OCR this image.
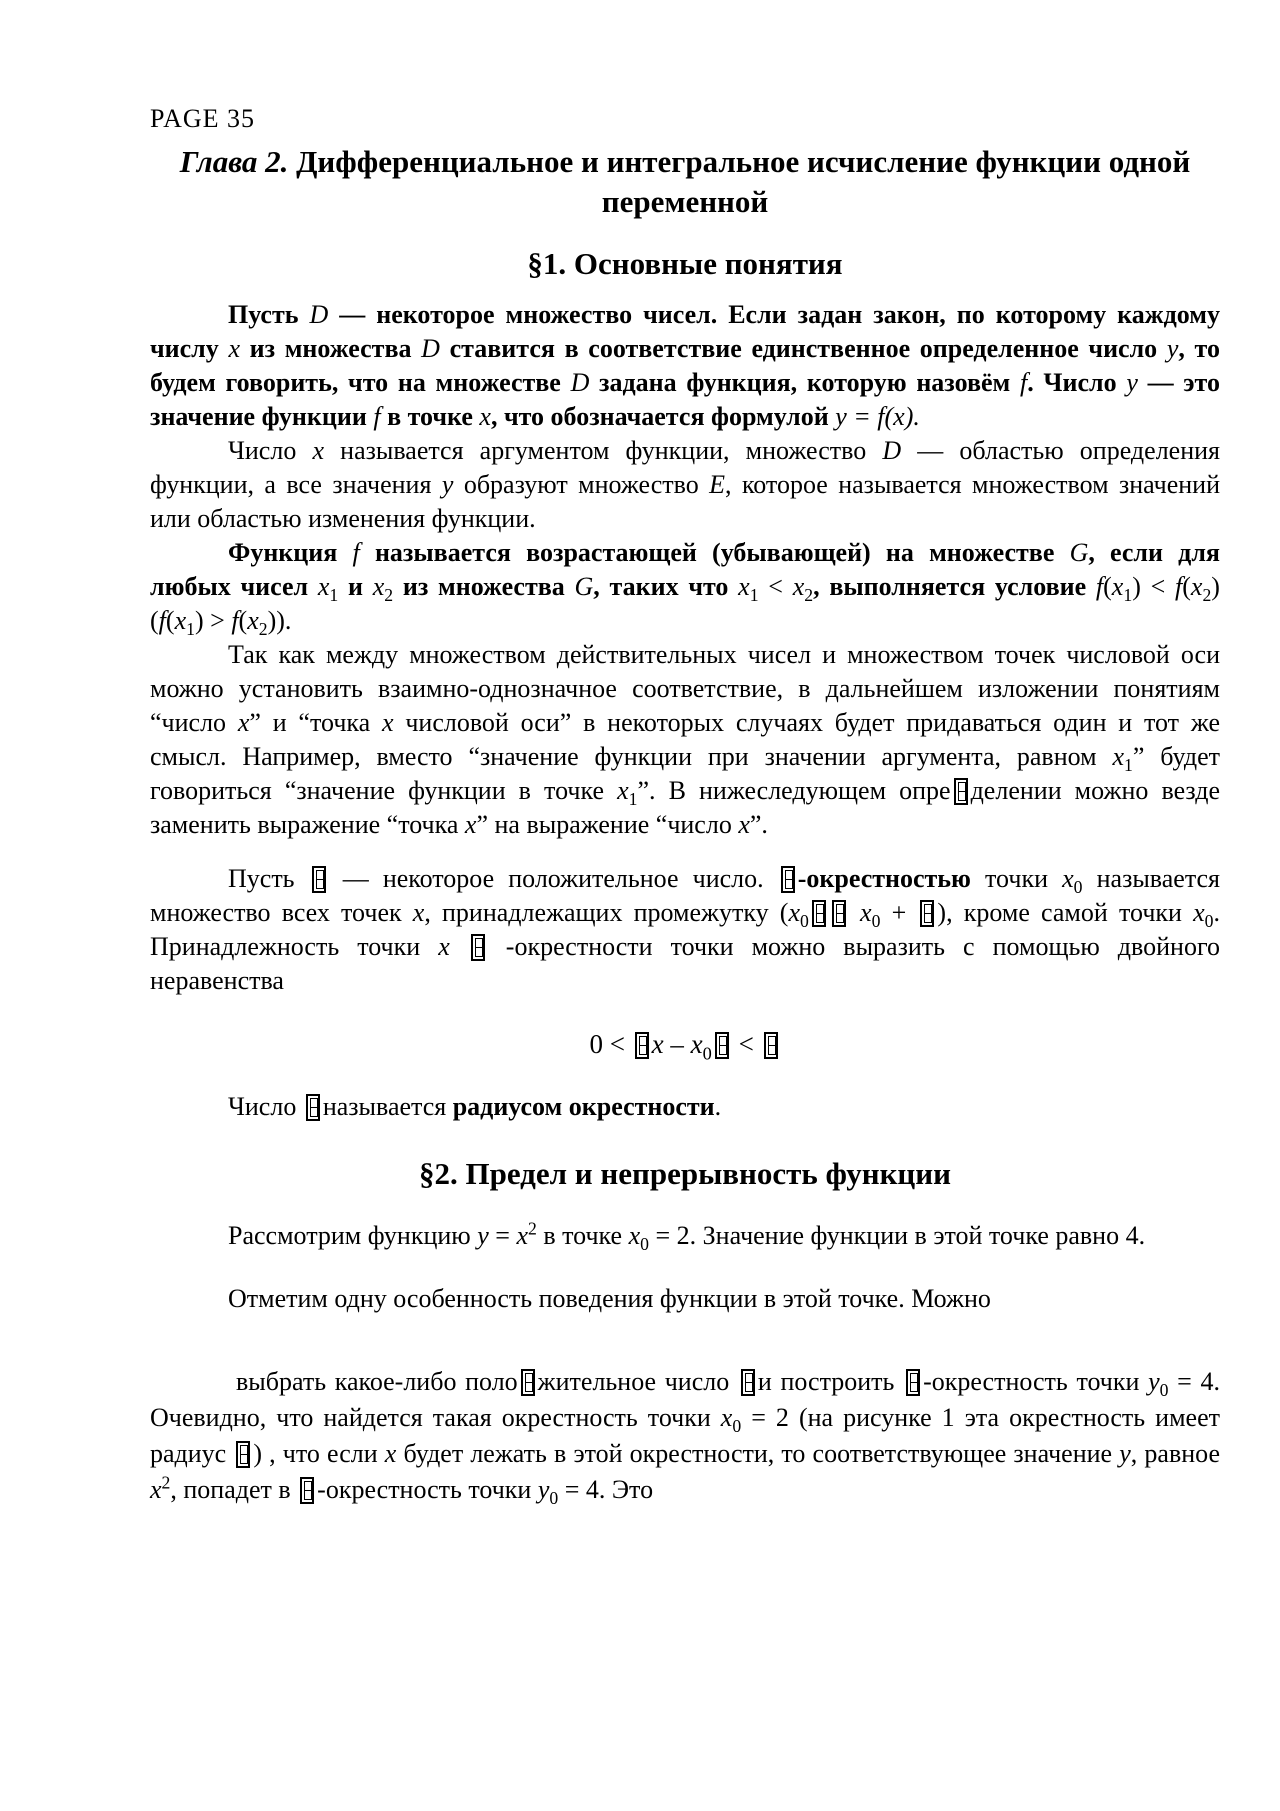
PAGE 35
Глава 2. Дифференциальное и интегральное исчисление функции одной переменной
§1. Основные понятия

Пусть D — некоторое множество чисел. Если задан закон, по которому каждому числу x из множества D ставится в соответствие единственное определенное число y, то будем говорить, что на множестве D задана функция, которую назовём f. Число y — это значение функции f в точке x, что обозначается формулой y = f(x).

Число x называется аргументом функции, множество D — областью определения функции, а все значения y образуют множество E, которое называется множеством значений или областью изменения функции.

Функция f называется возрастающей (убывающей) на множестве G, если для любых чисел $x_1$ и $x_2$ из множества G, таких что $x_1 < x_2$, выполняется условие $f(x_1) < f(x_2) (f(x_1) > f(x_2))$.

Так как между множеством действительных чисел и множеством точек числовой оси можно установить взаимно-однозначное соответствие, в дальнейшем изложении понятиям “число x” и “точка x числовой оси” в некоторых случаях будет придаваться один и тот же смысл. Например, вместо “значение функции при значении аргумента, равном $x_1$” будет говориться “значение функции в точке $x_1$”. В нижеследующем опре делении можно везде заменить выражение “точка x” на выражение “число x”.

Пусть  — некоторое положительное число. -окрестностью точки $x_0$ называется множество всех точек x, принадлежащих промежутку ($x_0$ $x_0$ + ), кроме самой точки $x_0$. Принадлежность точки x  -окрестности точки можно выразить с помощью двойного неравенства

$0 < x - x_0$ <

Число называется радиусом окрестности.

§2. Предел и непрерывность функции

Рассмотрим функцию $y = x^2$ в точке $x_0 = 2$. Значение функции в этой точке равно 4.

Отметим одну особенность поведения функции в этой точке. Можно

выбрать какое-либо поло жительное число и построить -окрестность точки $y_0 = 4$. Очевидно, что найдется такая окрестность точки $x_0 = 2$ (на рисунке 1 эта окрестность имеет радиус ) , что если x будет лежать в этой окрестности, то соответствующее значение y, равное $x^2$, попадет в -окрестность точки $y_0 = 4$. Это
